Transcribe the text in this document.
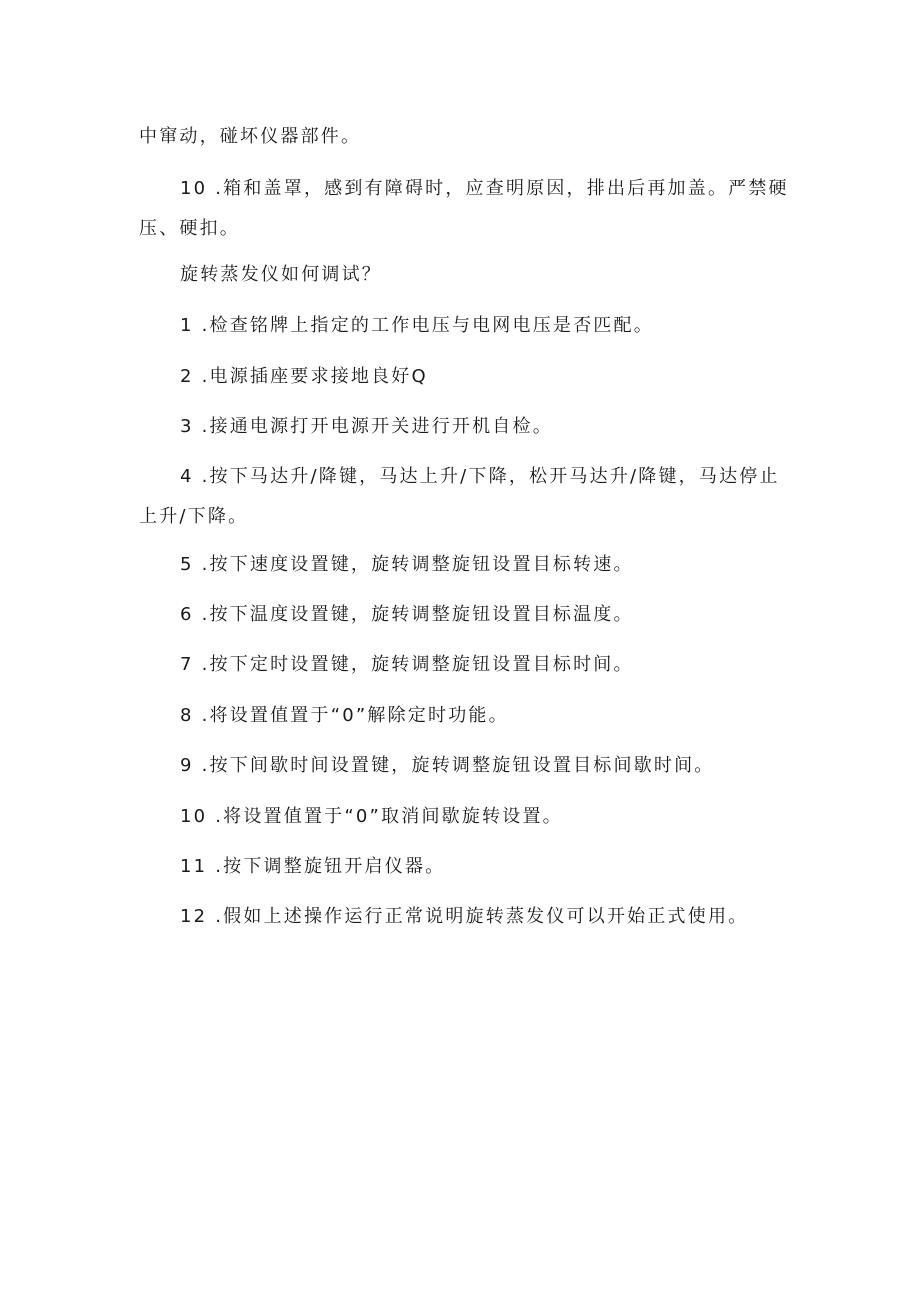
中窜动，碰坏仪器部件。

10 .箱和盖罩，感到有障碍时，应查明原因，排出后再加盖。严禁硬压、硬扣。

旋转蒸发仪如何调试？

1 .检查铭牌上指定的工作电压与电网电压是否匹配。

2 .电源插座要求接地良好Q

3 .接通电源打开电源开关进行开机自检。

4 .按下马达升/降键，马达上升/下降，松开马达升/降键，马达停止上升/下降。

5 .按下速度设置键，旋转调整旋钮设置目标转速。

6 .按下温度设置键，旋转调整旋钮设置目标温度。

7 .按下定时设置键，旋转调整旋钮设置目标时间。

8 .将设置值置于“0”解除定时功能。

9 .按下间歇时间设置键，旋转调整旋钮设置目标间歇时间。

10 .将设置值置于“0”取消间歇旋转设置。

11 .按下调整旋钮开启仪器。

12 .假如上述操作运行正常说明旋转蒸发仪可以开始正式使用。
